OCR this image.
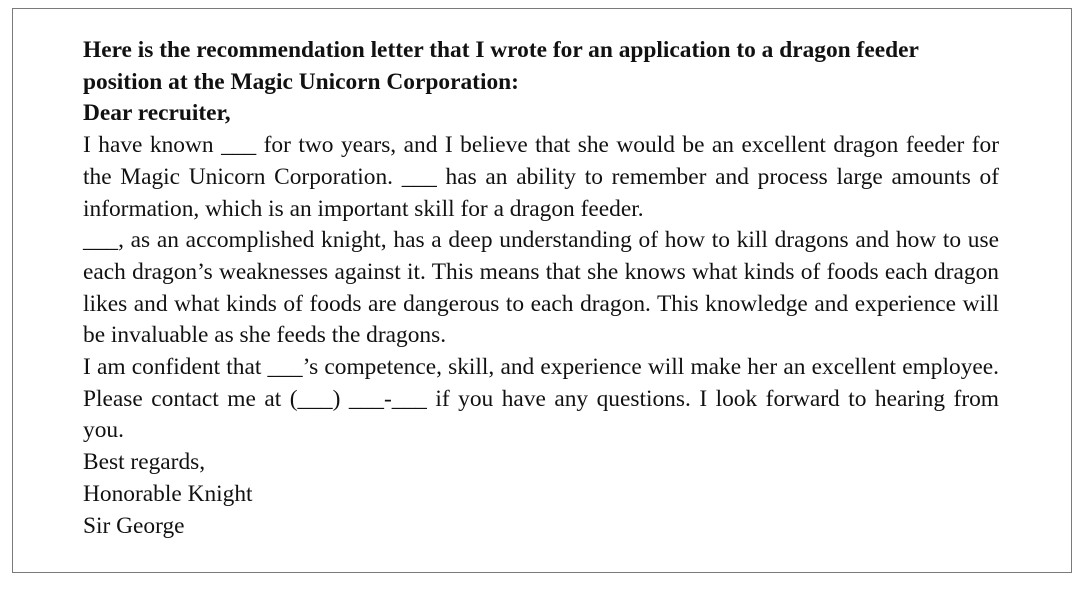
Here is the recommendation letter that I wrote for an application to a dragon feeder position at the Magic Unicorn Corporation:

Dear recruiter,

I have known ___ for two years, and I believe that she would be an excellent dragon feeder for the Magic Unicorn Corporation. ___ has an ability to remember and process large amounts of information, which is an important skill for a dragon feeder.

___, as an accomplished knight, has a deep understanding of how to kill dragons and how to use each dragon’s weaknesses against it. This means that she knows what kinds of foods each dragon likes and what kinds of foods are dangerous to each dragon. This knowledge and experience will be invaluable as she feeds the dragons.

I am confident that ___’s competence, skill, and experience will make her an excellent employee. Please contact me at (___) ___-___ if you have any questions. I look forward to hearing from you.

Best regards,

Honorable Knight

Sir George
